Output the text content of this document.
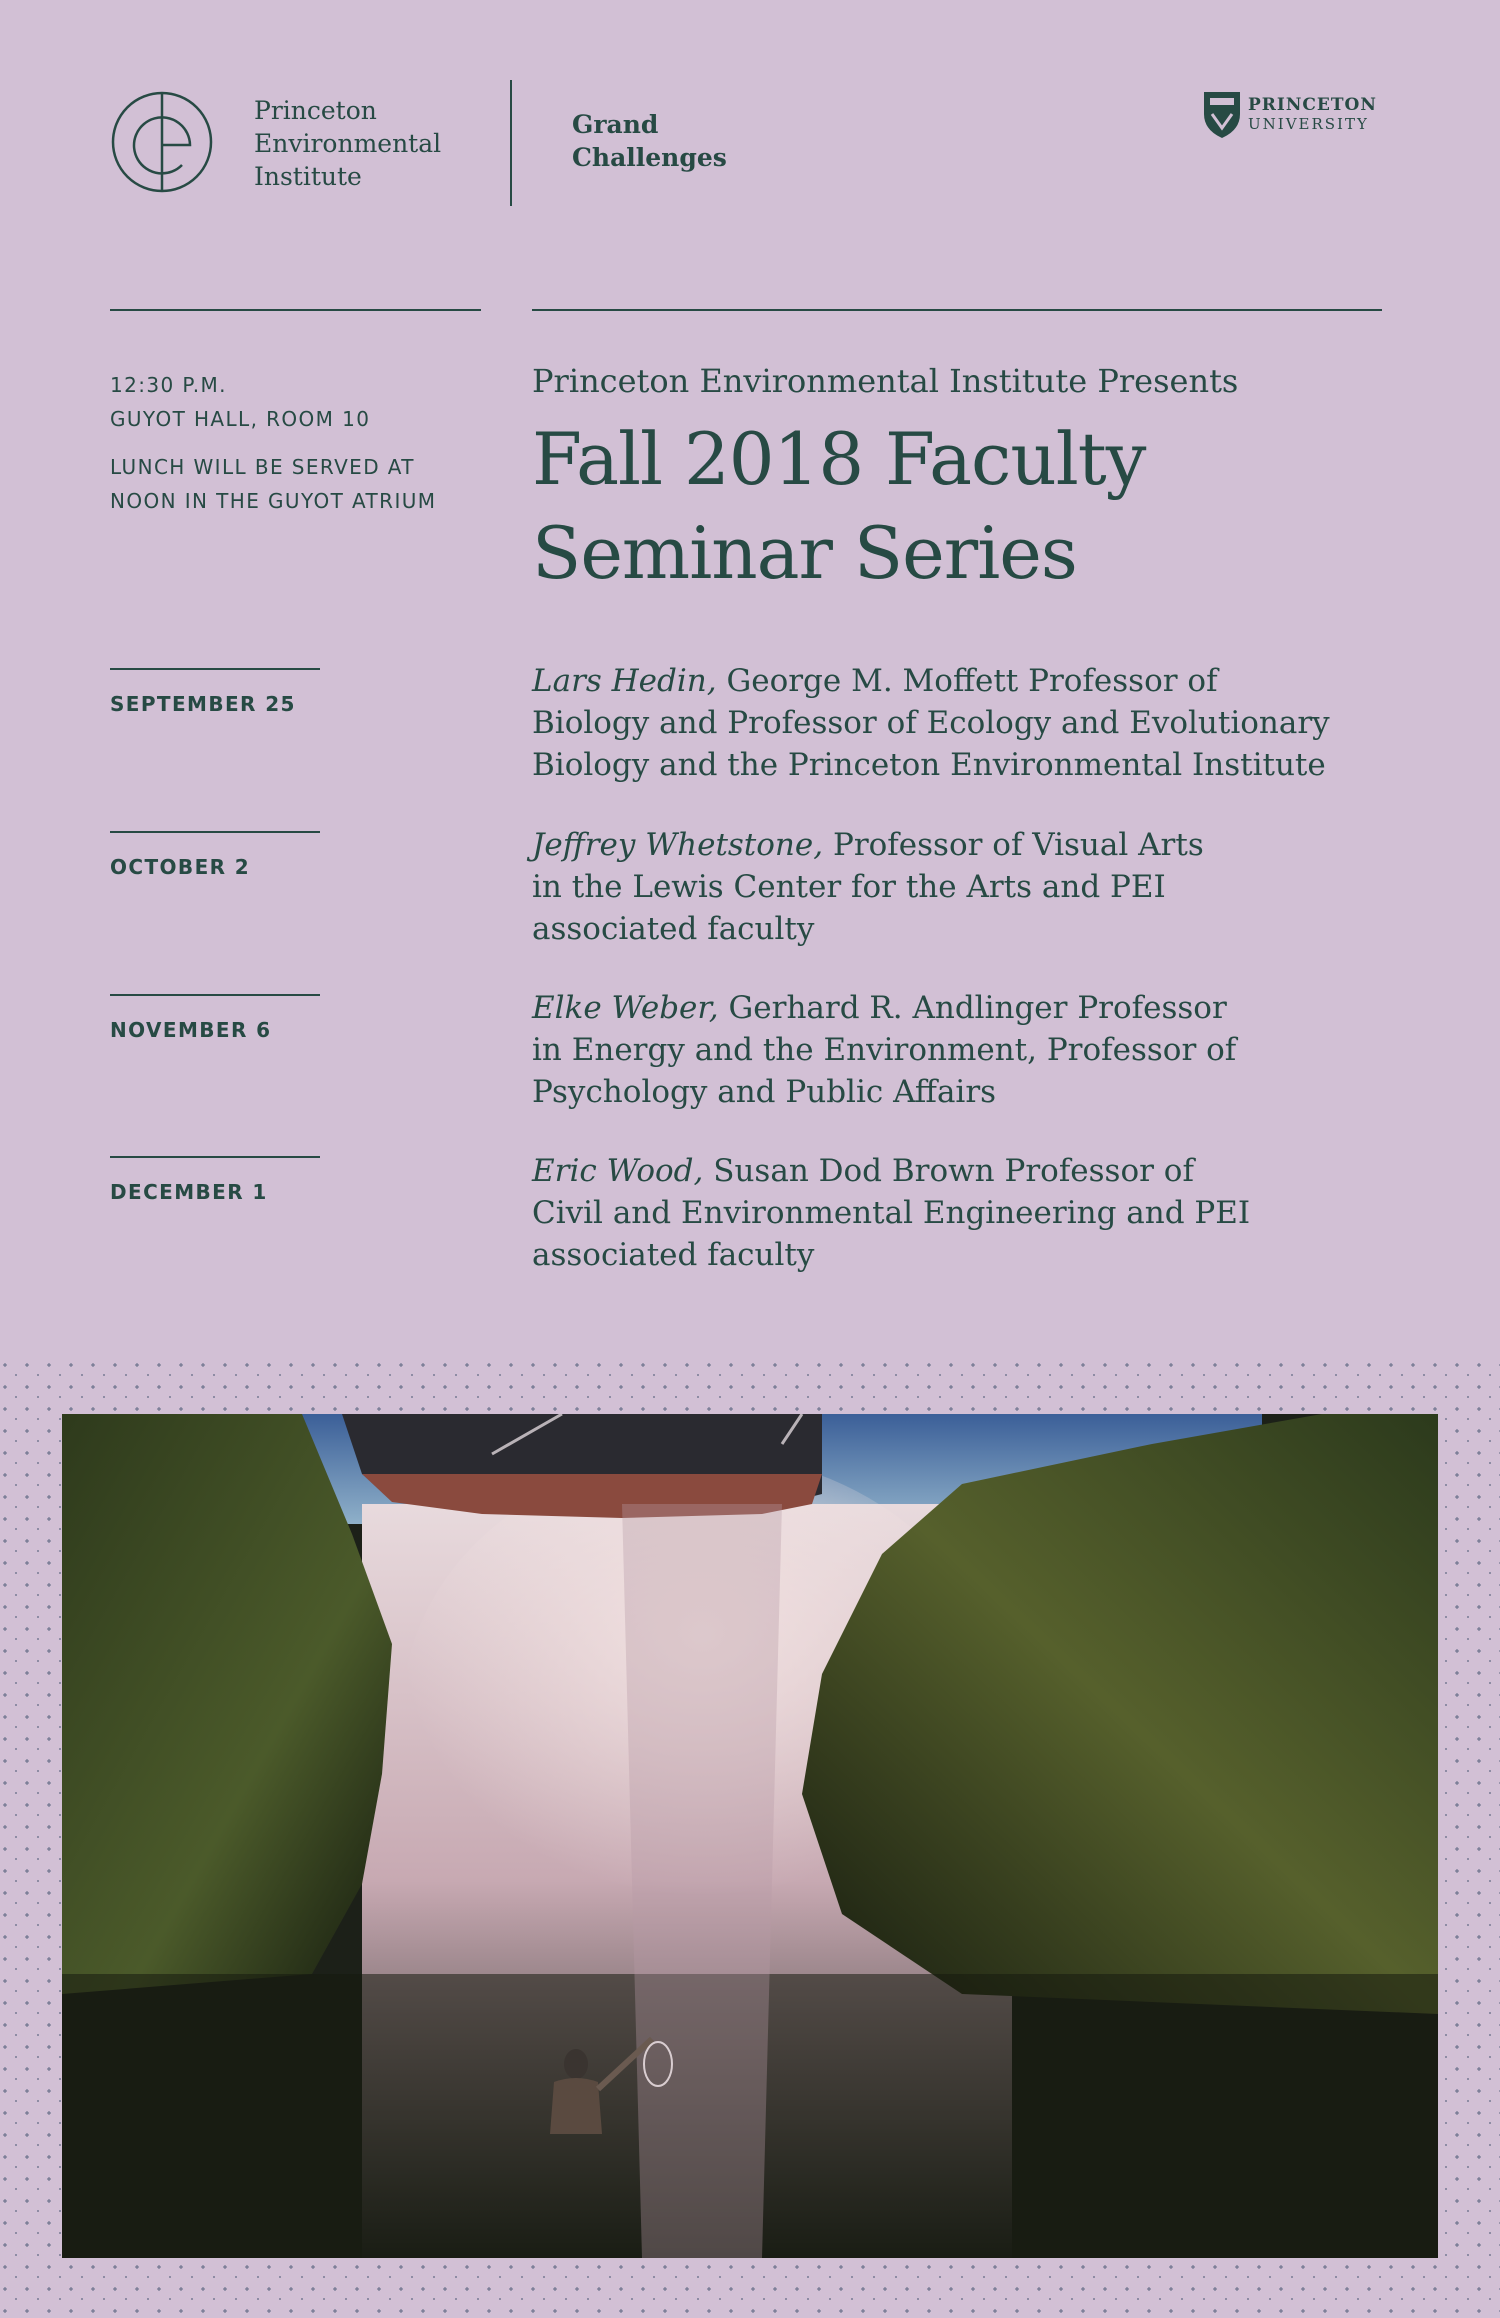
Princeton
Environmental
Institute
Grand
Challenges
PRINCETON
UNIVERSITY
12:30 P.M.
GUYOT HALL, ROOM 10
LUNCH WILL BE SERVED AT
NOON IN THE GUYOT ATRIUM
Princeton Environmental Institute Presents
Fall 2018 Faculty
Seminar Series
SEPTEMBER 25
Lars Hedin, George M. Moffett Professor of
Biology and Professor of Ecology and Evolutionary
Biology and the Princeton Environmental Institute
OCTOBER 2
Jeffrey Whetstone, Professor of Visual Arts
in the Lewis Center for the Arts and PEI
associated faculty
NOVEMBER 6
Elke Weber, Gerhard R. Andlinger Professor
in Energy and the Environment, Professor of
Psychology and Public Affairs
DECEMBER 1
Eric Wood, Susan Dod Brown Professor of
Civil and Environmental Engineering and PEI
associated faculty
